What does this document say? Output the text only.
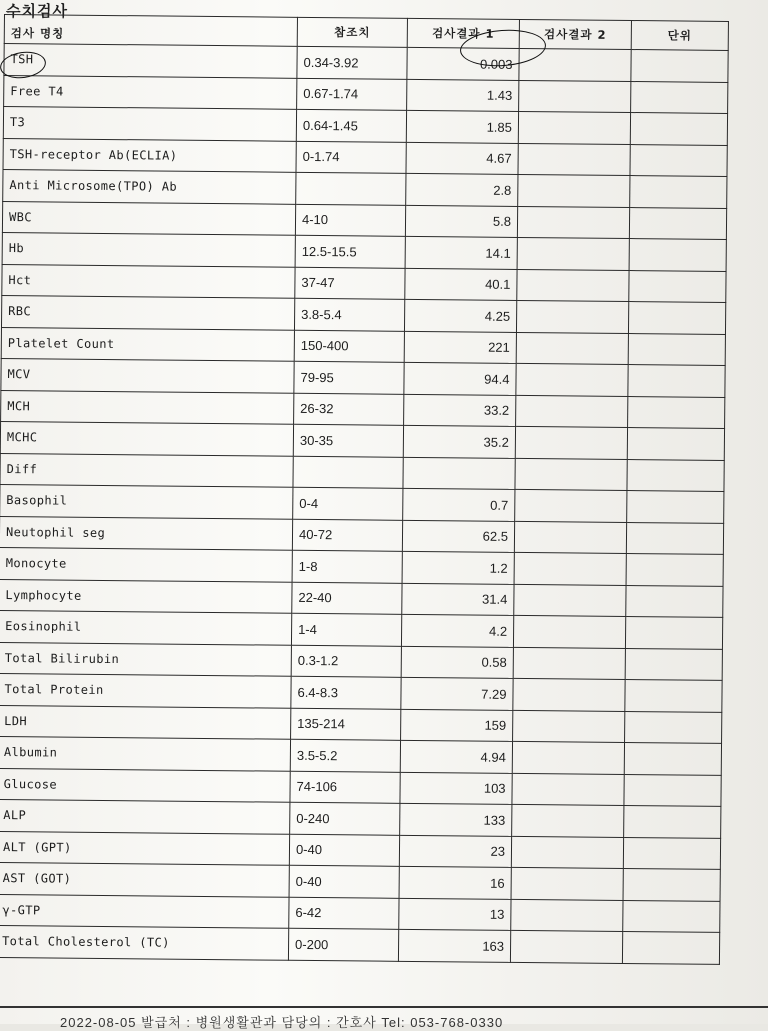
수치검사
검사 명칭	참조치	검사결과 1	검사결과 2	단위
TSH	0.34-3.92	0.003		
Free T4	0.67-1.74	1.43		
T3	0.64-1.45	1.85		
TSH-receptor Ab(ECLIA)	0-1.74	4.67		
Anti Microsome(TPO) Ab		2.8		
WBC	4-10	5.8		
Hb	12.5-15.5	14.1		
Hct	37-47	40.1		
RBC	3.8-5.4	4.25		
Platelet Count	150-400	221		
MCV	79-95	94.4		
MCH	26-32	33.2		
MCHC	30-35	35.2		
Diff				
Basophil	0-4	0.7		
Neutophil seg	40-72	62.5		
Monocyte	1-8	1.2		
Lymphocyte	22-40	31.4		
Eosinophil	1-4	4.2		
Total Bilirubin	0.3-1.2	0.58		
Total Protein	6.4-8.3	7.29		
LDH	135-214	159		
Albumin	3.5-5.2	4.94		
Glucose	74-106	103		
ALP	0-240	133		
ALT (GPT)	0-40	23		
AST (GOT)	0-40	16		
γ-GTP	6-42	13		
Total Cholesterol (TC)	0-200	163		
2022-08-05 발급처 : 병원생활관과 담당의 : 간호사 Tel: 053-768-0330
